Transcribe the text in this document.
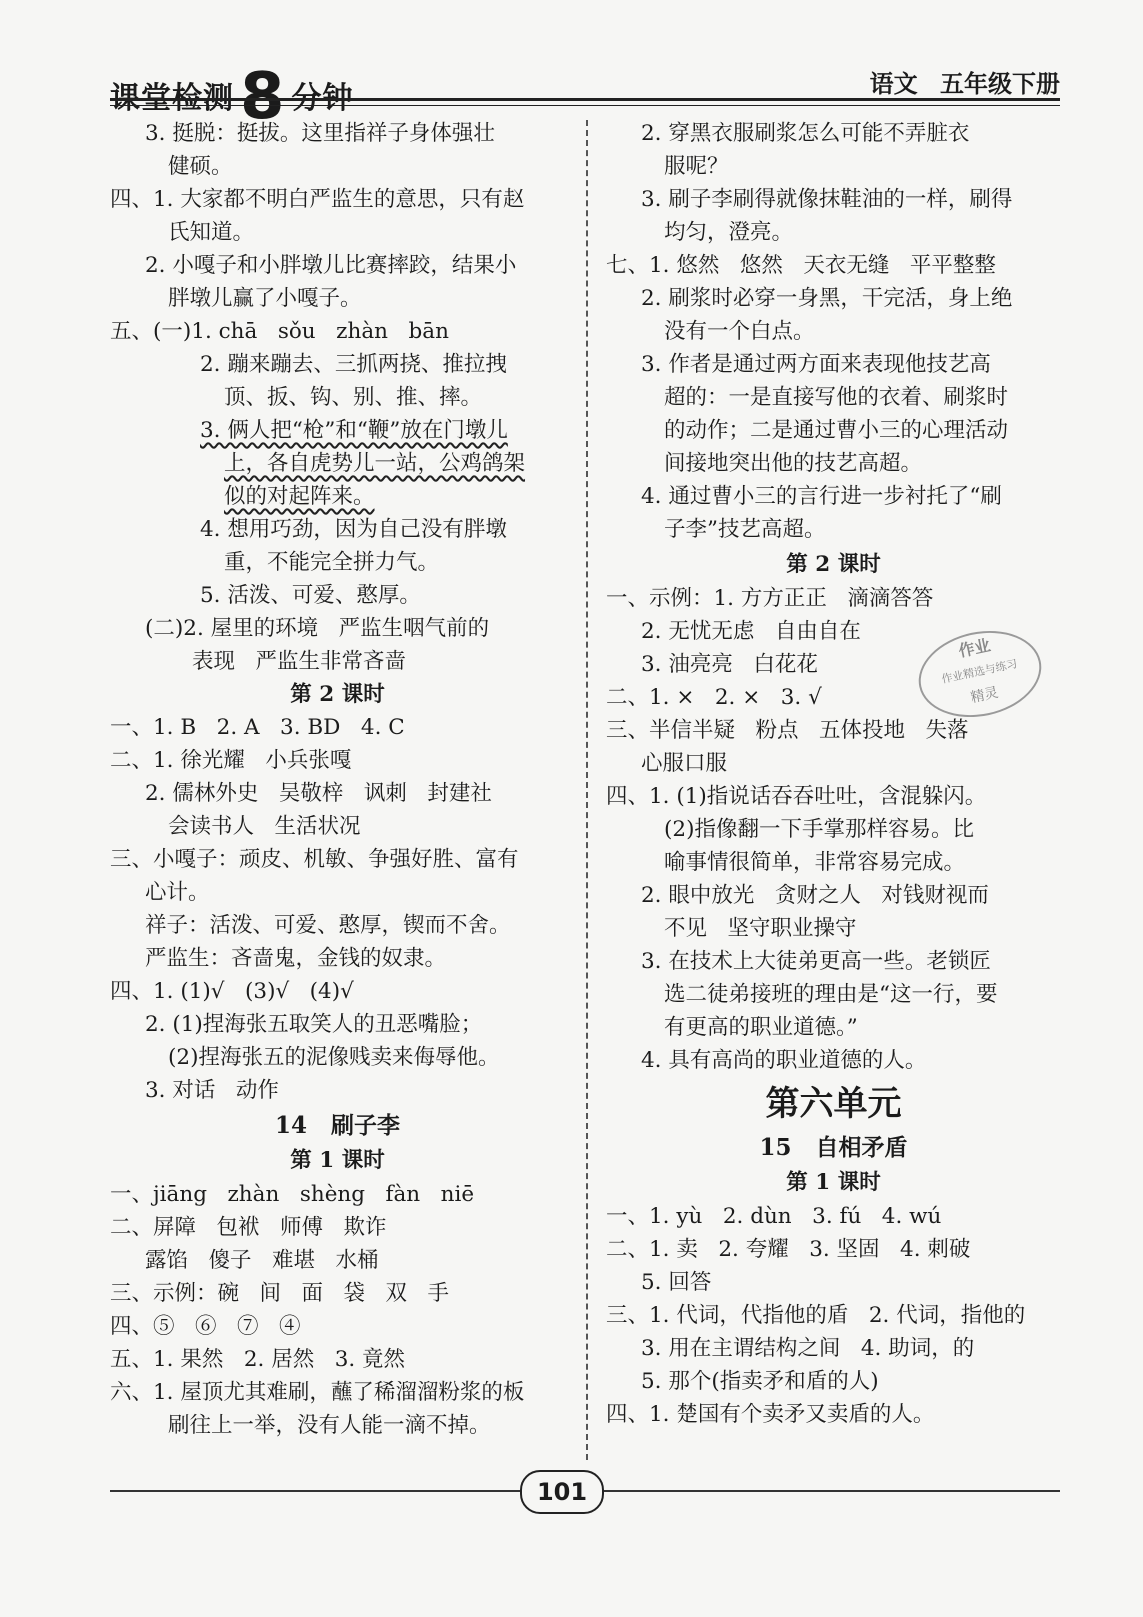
课堂检测8 分钟	语文 五年级下册
3. 挺脱：挺拔。这里指祥子身体强壮
健硕。
四、1. 大家都不明白严监生的意思，只有赵
氏知道。
2. 小嘎子和小胖墩儿比赛摔跤，结果小
胖墩儿赢了小嘎子。
五、(一)1. chā   sǒu   zhàn   bān
2. 蹦来蹦去、三抓两挠、推拉拽
顶、扳、钩、别、推、摔。
3. 俩人把“枪”和“鞭”放在门墩儿
上，各自虎势儿一站，公鸡鸽架
似的对起阵来。
4. 想用巧劲，因为自己没有胖墩
重，不能完全拼力气。
5. 活泼、可爱、憨厚。
(二)2. 屋里的环境   严监生咽气前的
表现   严监生非常吝啬
第 2 课时
一、1. B   2. A   3. BD   4. C
二、1. 徐光耀   小兵张嘎
2. 儒林外史   吴敬梓   讽刺   封建社
会读书人   生活状况
三、小嘎子：顽皮、机敏、争强好胜、富有
心计。
祥子：活泼、可爱、憨厚，锲而不舍。
严监生：吝啬鬼，金钱的奴隶。
四、1. (1)√   (3)√   (4)√
2. (1)捏海张五取笑人的丑恶嘴脸；
(2)捏海张五的泥像贱卖来侮辱他。
3. 对话   动作
14   刷子李
第 1 课时
一、jiāng   zhàn   shèng   fàn   niē
二、屏障   包袱   师傅   欺诈
露馅   傻子   难堪   水桶
三、示例：碗   间   面   袋   双   手
四、⑤   ⑥   ⑦   ④
五、1. 果然   2. 居然   3. 竟然
六、1. 屋顶尤其难刷，蘸了稀溜溜粉浆的板
刷往上一举，没有人能一滴不掉。
2. 穿黑衣服刷浆怎么可能不弄脏衣
服呢？
3. 刷子李刷得就像抹鞋油的一样，刷得
均匀，澄亮。
七、1. 悠然   悠然   天衣无缝   平平整整
2. 刷浆时必穿一身黑，干完活，身上绝
没有一个白点。
3. 作者是通过两方面来表现他技艺高
超的：一是直接写他的衣着、刷浆时
的动作；二是通过曹小三的心理活动
间接地突出他的技艺高超。
4. 通过曹小三的言行进一步衬托了“刷
子李”技艺高超。
第 2 课时
一、示例：1. 方方正正   滴滴答答
2. 无忧无虑   自由自在
3. 油亮亮   白花花
二、1. ×   2. ×   3. √
三、半信半疑   粉点   五体投地   失落
心服口服
四、1. (1)指说话吞吞吐吐，含混躲闪。
(2)指像翻一下手掌那样容易。比
喻事情很简单，非常容易完成。
2. 眼中放光   贪财之人   对钱财视而
不见   坚守职业操守
3. 在技术上大徒弟更高一些。老锁匠
选二徒弟接班的理由是“这一行，要
有更高的职业道德。”
4. 具有高尚的职业道德的人。
第六单元
15   自相矛盾
第 1 课时
一、1. yù   2. dùn   3. fú   4. wú
二、1. 卖   2. 夸耀   3. 坚固   4. 刺破
5. 回答
三、1. 代词，代指他的盾   2. 代词，指他的
3. 用在主谓结构之间   4. 助词，的
5. 那个(指卖矛和盾的人)
四、1. 楚国有个卖矛又卖盾的人。
作业
作业精选与练习
精灵
101
